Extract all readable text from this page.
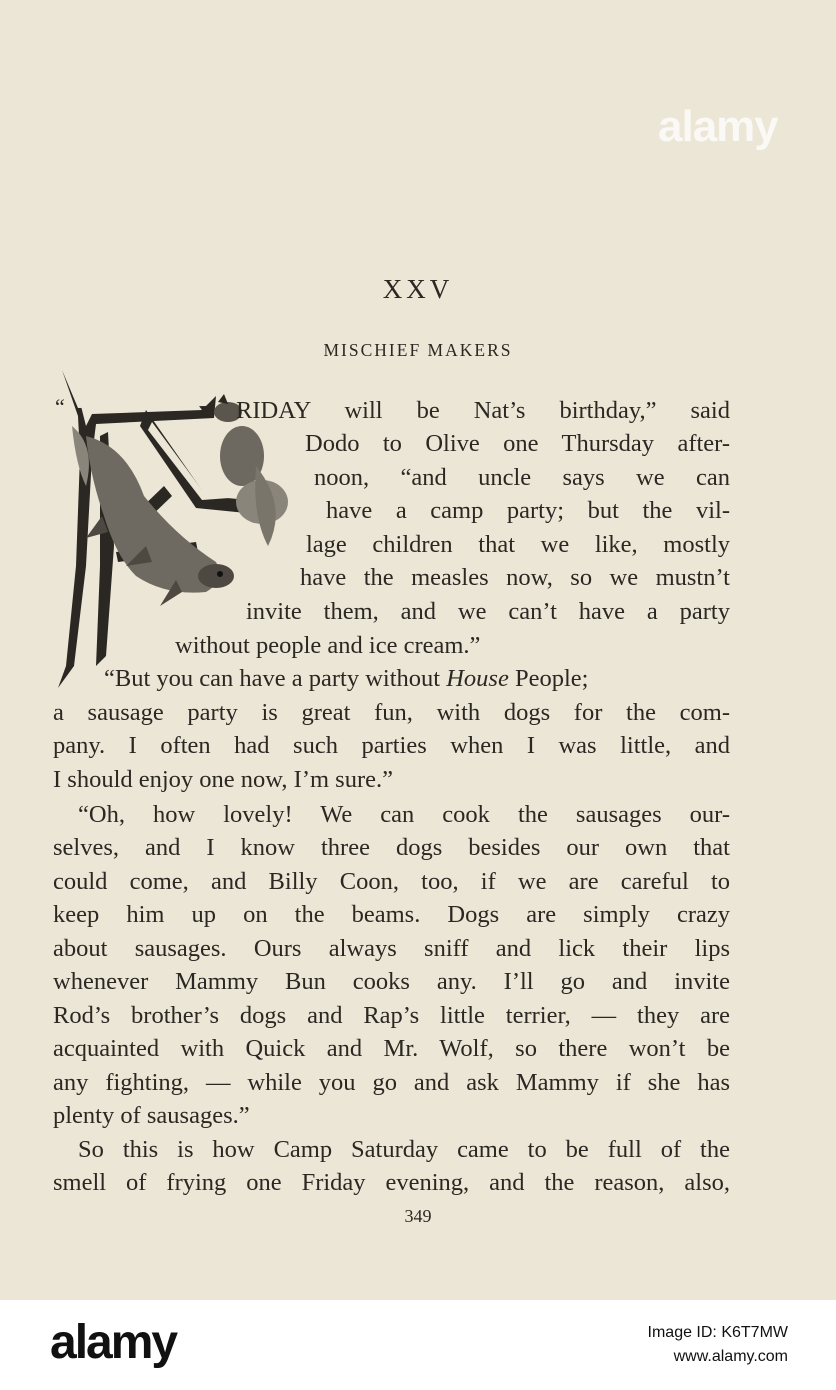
alamy
XXV
MISCHIEF MAKERS
“	RIDAY will be Nat’s birthday,” said
Dodo to Olive one Thursday after-
noon, “and uncle says we can
have a camp party; but the vil-
lage children that we like, mostly
have the measles now, so we mustn’t
invite them, and we can’t have a party
without people and ice cream.”
“But you can have a party without House People;
a sausage party is great fun, with dogs for the com-
pany. I often had such parties when I was little, and
I should enjoy one now, I’m sure.”
“Oh, how lovely! We can cook the sausages our-
selves, and I know three dogs besides our own that
could come, and Billy Coon, too, if we are careful to
keep him up on the beams. Dogs are simply crazy
about sausages. Ours always sniff and lick their lips
whenever Mammy Bun cooks any. I’ll go and invite
Rod’s brother’s dogs and Rap’s little terrier, — they are
acquainted with Quick and Mr. Wolf, so there won’t be
any fighting, — while you go and ask Mammy if she has
plenty of sausages.”
So this is how Camp Saturday came to be full of the
smell of frying one Friday evening, and the reason, also,
349
alamy	Image ID: K6T7MW
www.alamy.com
